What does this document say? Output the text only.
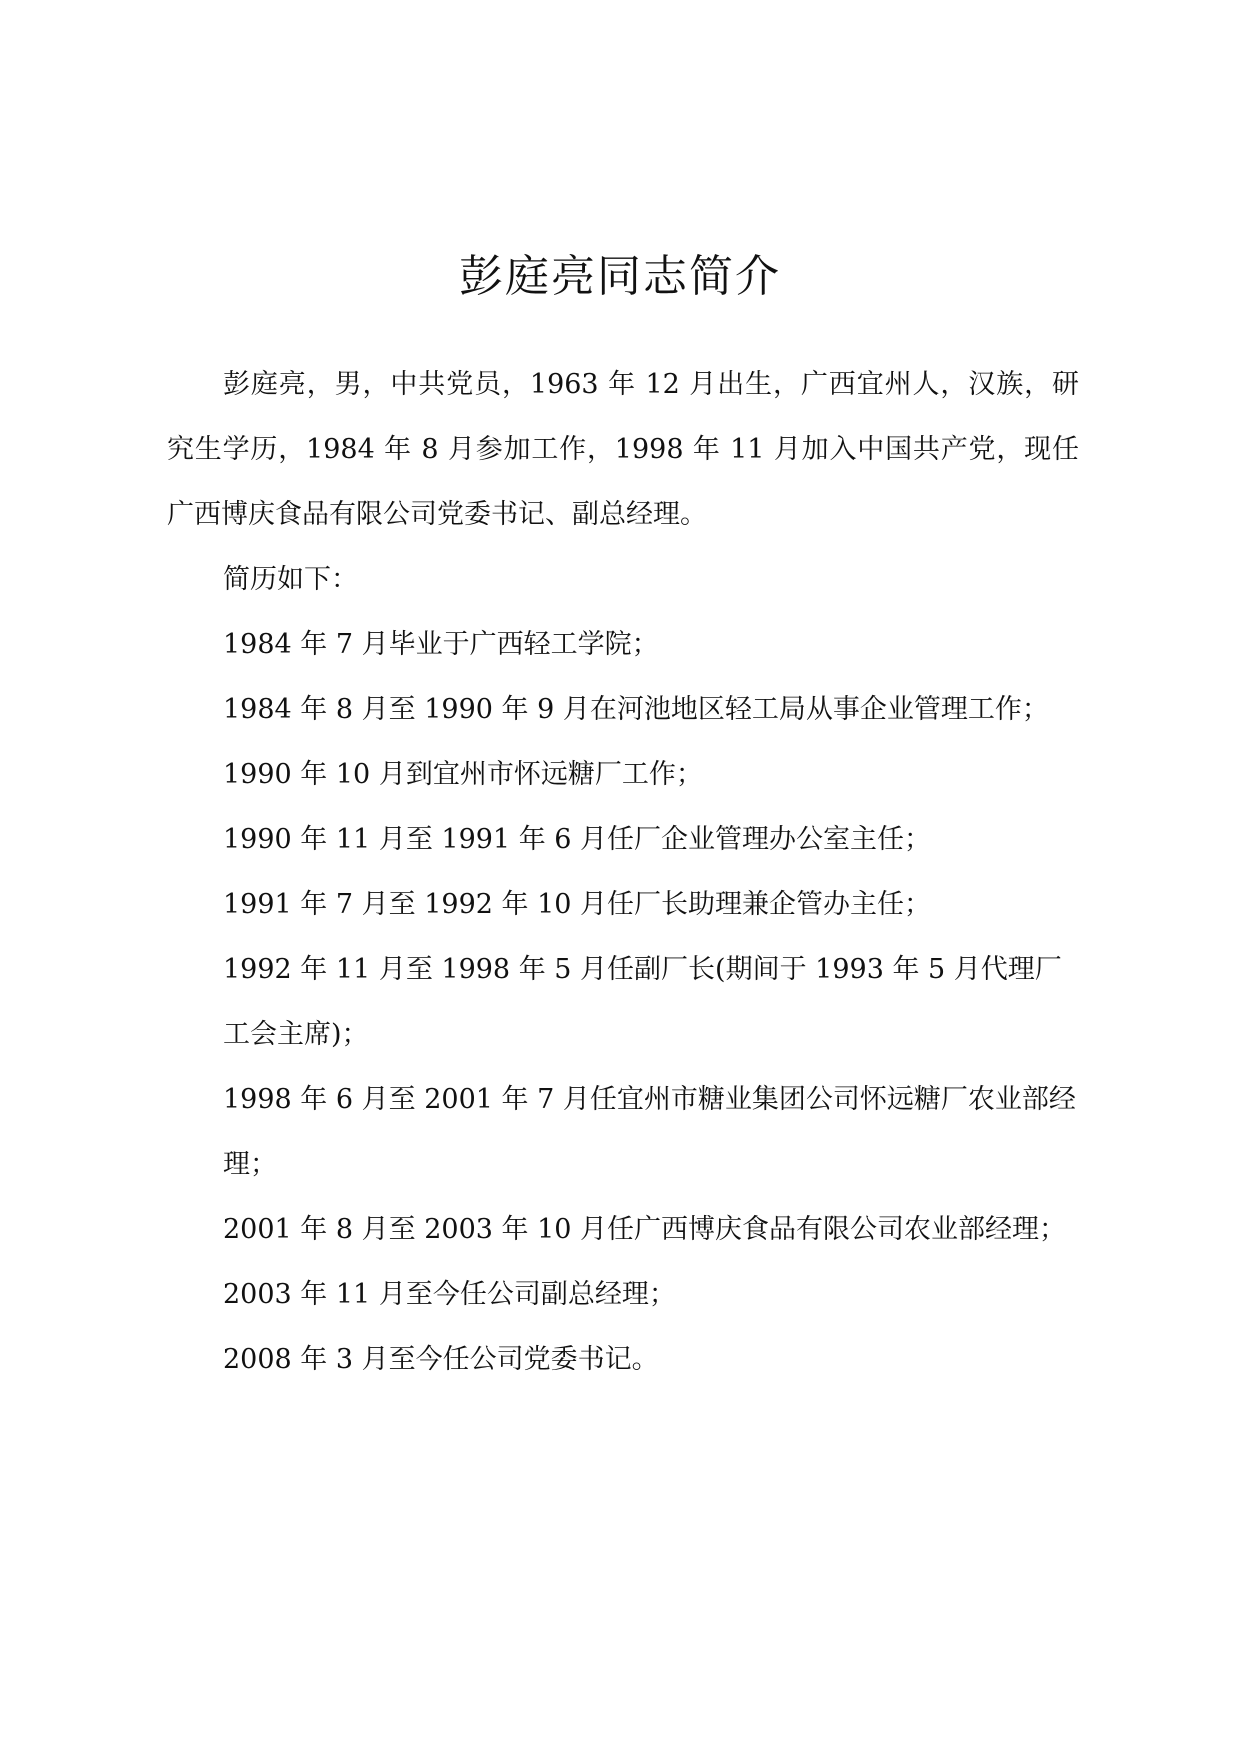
彭庭亮同志简介

彭庭亮，男，中共党员，1963 年 12 月出生，广西宜州人，汉族，研究生学历，1984 年 8 月参加工作，1998 年 11 月加入中国共产党，现任广西博庆食品有限公司党委书记、副总经理。

简历如下：

1984 年 7 月毕业于广西轻工学院；
1984 年 8 月至 1990 年 9 月在河池地区轻工局从事企业管理工作；
1990 年 10 月到宜州市怀远糖厂工作；
1990 年 11 月至 1991 年 6 月任厂企业管理办公室主任；
1991 年 7 月至 1992 年 10 月任厂长助理兼企管办主任；
1992 年 11 月至 1998 年 5 月任副厂长(期间于 1993 年 5 月代理厂工会主席)；
1998 年 6 月至 2001 年 7 月任宜州市糖业集团公司怀远糖厂农业部经理；
2001 年 8 月至 2003 年 10 月任广西博庆食品有限公司农业部经理；
2003 年 11 月至今任公司副总经理；
2008 年 3 月至今任公司党委书记。
